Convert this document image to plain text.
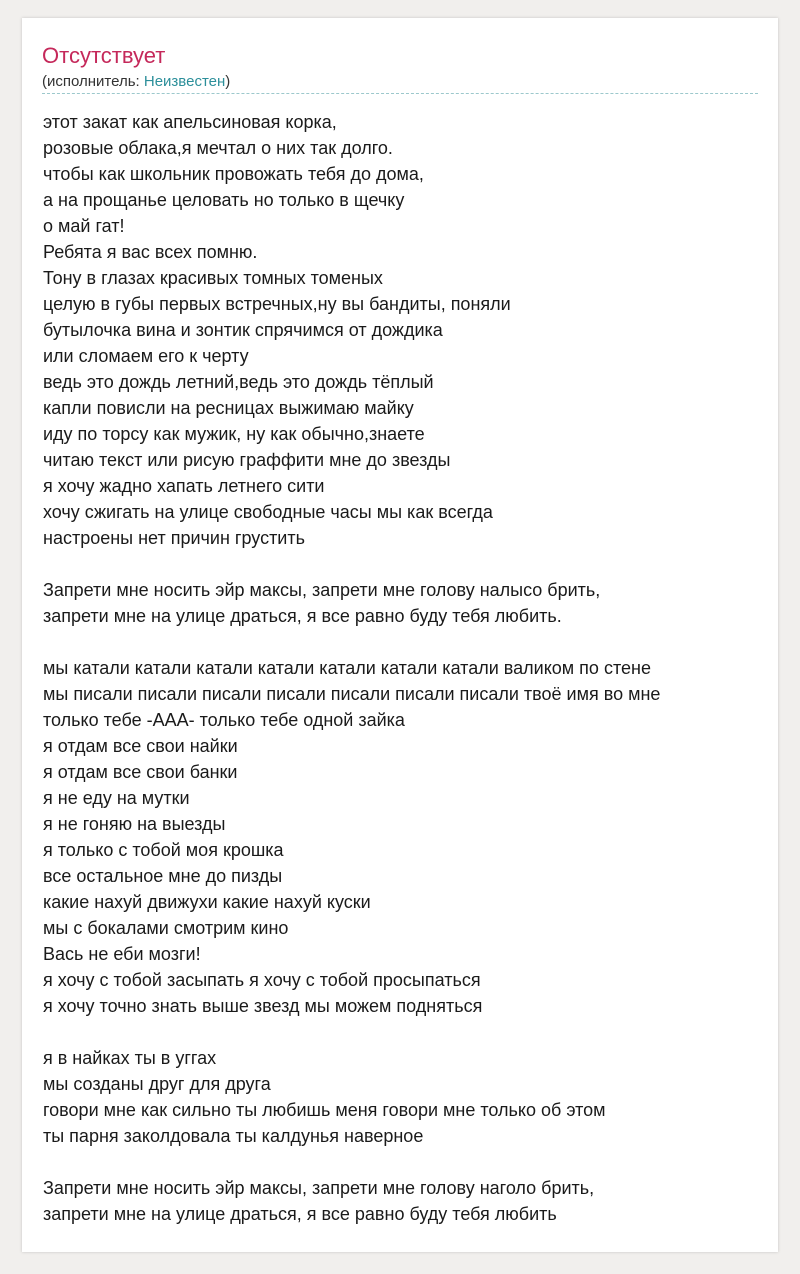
Отсутствует
(исполнитель: Неизвестен)
этот закат как апельсиновая корка,
розовые облака,я мечтал о них так долго.
чтобы как школьник провожать тебя до дома,
а на прощанье целовать но только в щечку
о май гат!
Ребята я вас всех помню.
Тону в глазах красивых томных томеных
целую в губы первых встречных,ну вы бандиты, поняли
бутылочка вина и зонтик спрячимся от дождика
или сломаем его к черту
ведь это дождь летний,ведь это дождь тёплый
капли повисли на ресницах выжимаю майку
иду по торсу как мужик, ну как обычно,знаете
читаю текст или рисую граффити мне до звезды
я хочу жадно хапать летнего сити
хочу сжигать на улице свободные часы мы как всегда
настроены нет причин грустить
Запрети мне носить эйр максы, запрети мне голову налысо брить,
запрети мне на улице драться, я все равно буду тебя любить.
мы катали катали катали катали катали катали катали валиком по стене
мы писали писали писали писали писали писали писали твоё имя во мне
только тебе -ААА- только тебе одной зайка
я отдам все свои найки
я отдам все свои банки
я не еду на мутки
я не гоняю на выезды
я только с тобой моя крошка
все остальное мне до пизды
какие нахуй движухи какие нахуй куски
мы с бокалами смотрим кино
Вась не еби мозги!
я хочу с тобой засыпать я хочу с тобой просыпаться
я хочу точно знать выше звезд мы можем подняться
я в найках ты в уггах
мы созданы друг для друга
говори мне как сильно ты любишь меня говори мне только об этом
ты парня заколдовала ты калдунья наверное
Запрети мне носить эйр максы, запрети мне голову наголо брить,
запрети мне на улице драться, я все равно буду тебя любить
